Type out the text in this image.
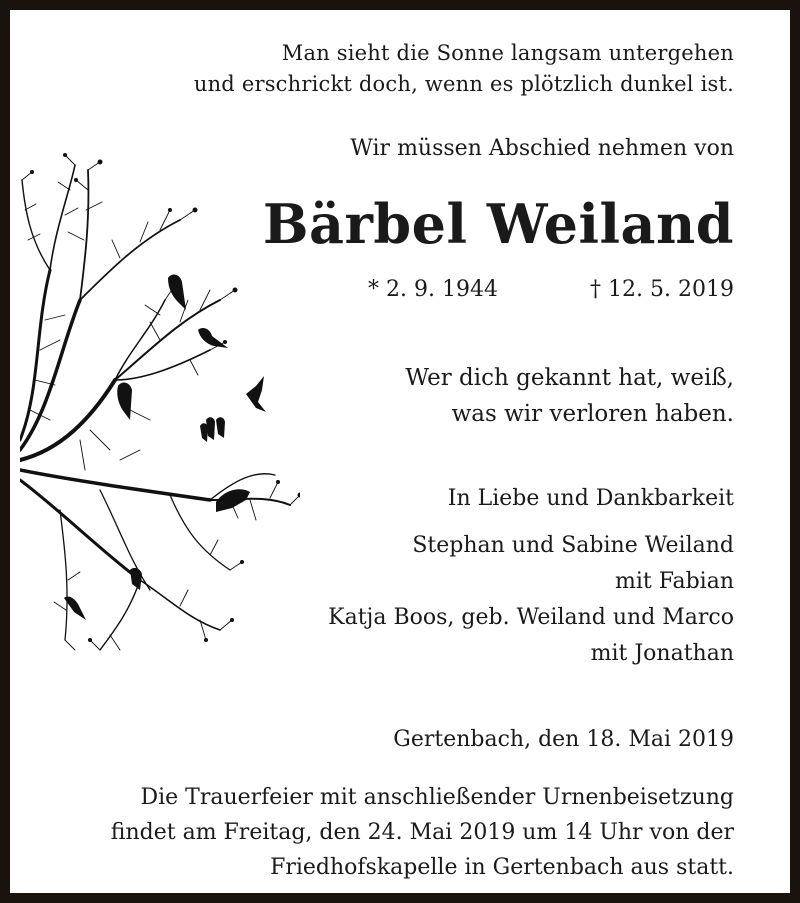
Man sieht die Sonne langsam untergehen
und erschrickt doch, wenn es plötzlich dunkel ist.
Wir müssen Abschied nehmen von
Bärbel Weiland
* 2. 9. 1944	† 12. 5. 2019
Wer dich gekannt hat, weiß,
was wir verloren haben.
In Liebe und Dankbarkeit
Stephan und Sabine Weiland
mit Fabian
Katja Boos, geb. Weiland und Marco
mit Jonathan
Gertenbach, den 18. Mai 2019
Die Trauerfeier mit anschließender Urnenbeisetzung
findet am Freitag, den 24. Mai 2019 um 14 Uhr von der
Friedhofskapelle in Gertenbach aus statt.
